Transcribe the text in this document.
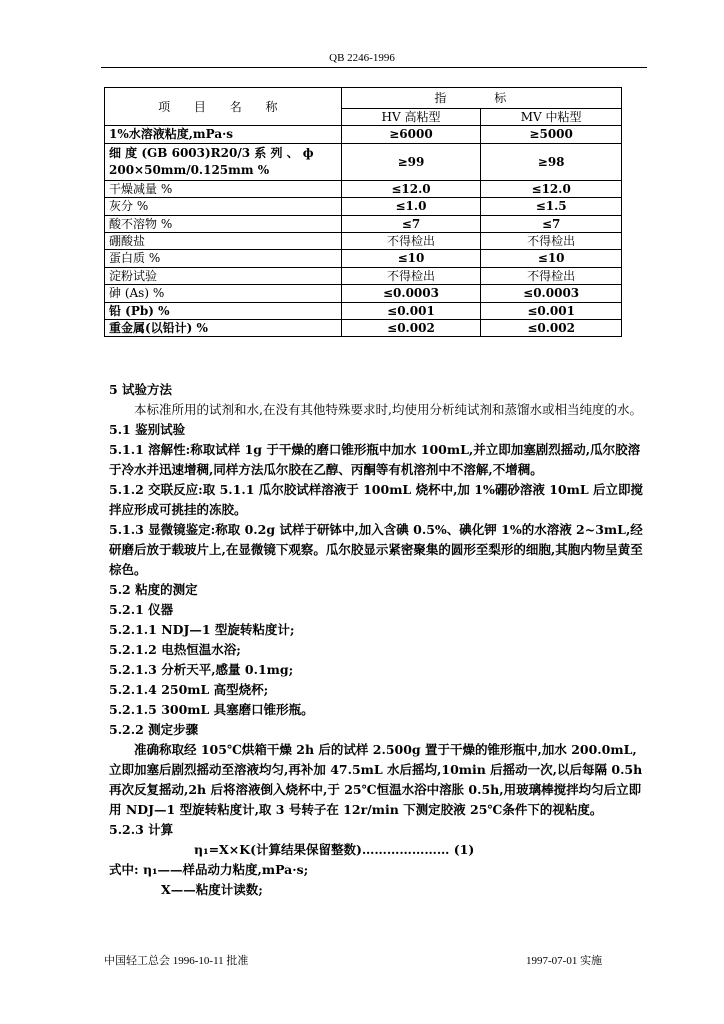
QB 2246-1996
项 目 名 称	指 标	
	HV 高粘型	MV 中粘型
1%水溶液粘度,mPa·s	≥6000	≥5000
细 度 (GB 6003)R20/3 系 列 、 ф 200×50mm/0.125mm %	≥99	≥98
干燥减量 %	≤12.0	≤12.0
灰分 %	≤1.0	≤1.5
酸不溶物 %	≤7	≤7
硼酸盐	不得检出	不得检出
蛋白质 %	≤10	≤10
淀粉试验	不得检出	不得检出
砷 (As) %	≤0.0003	≤0.0003
铅 (Pb) %	≤0.001	≤0.001
重金属(以铅计) %	≤0.002	≤0.002

5 试验方法

本标准所用的试剂和水,在没有其他特殊要求时,均使用分析纯试剂和蒸馏水或相当纯度的水。

5.1 鉴别试验

5.1.1 溶解性:称取试样 1g 于干燥的磨口锥形瓶中加水 100mL,并立即加塞剧烈摇动,瓜尔胶溶于冷水并迅速增稠,同样方法瓜尔胶在乙醇、丙酮等有机溶剂中不溶解,不增稠。

5.1.2 交联反应:取 5.1.1 瓜尔胶试样溶液于 100mL 烧杯中,加 1%硼砂溶液 10mL 后立即搅拌应形成可挑挂的冻胶。

5.1.3 显微镜鉴定:称取 0.2g 试样于研钵中,加入含碘 0.5%、碘化钾 1%的水溶液 2~3mL,经研磨后放于载玻片上,在显微镜下观察。瓜尔胶显示紧密聚集的圆形至梨形的细胞,其胞内物呈黄至棕色。

5.2 粘度的测定

5.2.1 仪器

5.2.1.1 NDJ—1 型旋转粘度计;

5.2.1.2 电热恒温水浴;

5.2.1.3 分析天平,感量 0.1mg;

5.2.1.4 250mL 高型烧杯;

5.2.1.5 300mL 具塞磨口锥形瓶。

5.2.2 测定步骤

准确称取经 105℃烘箱干燥 2h 后的试样 2.500g 置于干燥的锥形瓶中,加水 200.0mL,立即加塞后剧烈摇动至溶液均匀,再补加 47.5mL 水后摇均,10min 后摇动一次,以后每隔 0.5h 再次反复摇动,2h 后将溶液倒入烧杯中,于 25℃恒温水浴中溶胀 0.5h,用玻璃棒搅拌均匀后立即用 NDJ—1 型旋转粘度计,取 3 号转子在 12r/min 下测定胶液 25℃条件下的视粘度。

5.2.3 计算

η₁=X×K(计算结果保留整数)………………… (1)

式中: η₁——样品动力粘度,mPa·s;

X——粘度计读数;

中国轻工总会 1996-10-11 批准	1997-07-01 实施
